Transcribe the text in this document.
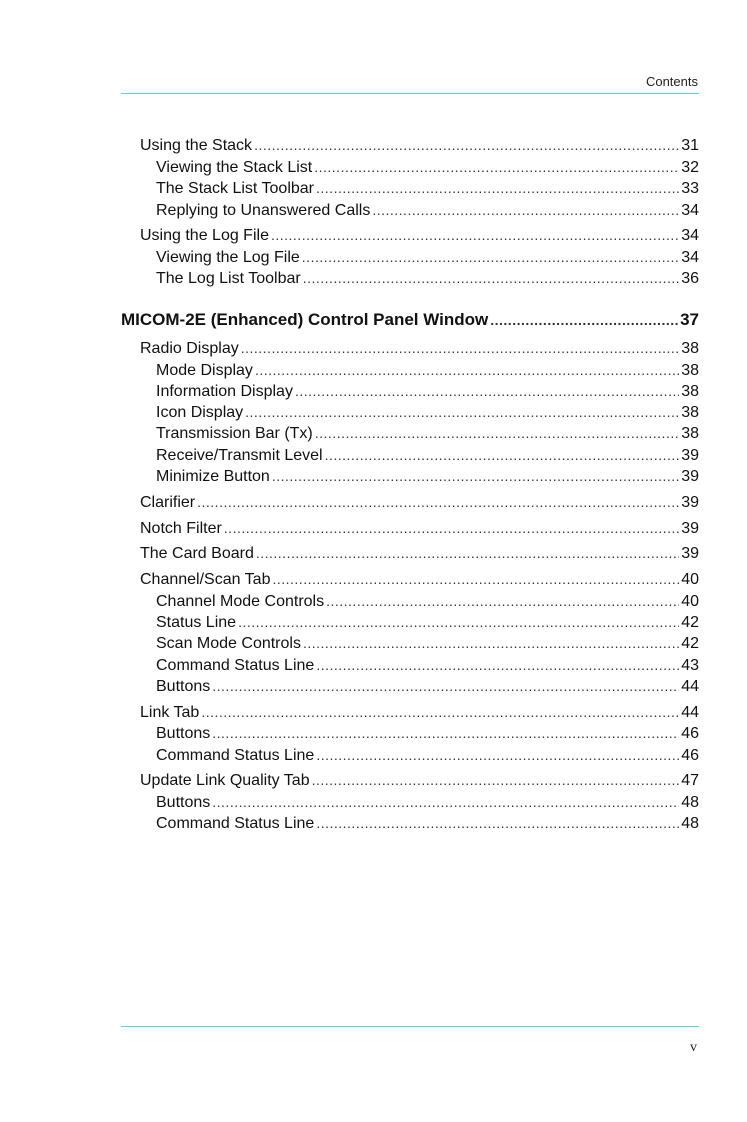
Contents
Using the Stack .....	31
Viewing the Stack List .....	32
The Stack List Toolbar .....	33
Replying to Unanswered Calls .....	34
Using the Log File .....	34
Viewing the Log File .....	34
The Log List Toolbar .....	36
MICOM-2E (Enhanced) Control Panel Window .....	37
Radio Display .....	38
Mode Display .....	38
Information Display .....	38
Icon Display .....	38
Transmission Bar (Tx) .....	38
Receive/Transmit Level .....	39
Minimize Button .....	39
Clarifier .....	39
Notch Filter .....	39
The Card Board .....	39
Channel/Scan Tab .....	40
Channel Mode Controls .....	40
Status Line .....	42
Scan Mode Controls .....	42
Command Status Line .....	43
Buttons .....	44
Link Tab .....	44
Buttons .....	46
Command Status Line .....	46
Update Link Quality Tab .....	47
Buttons .....	48
Command Status Line .....	48
v
